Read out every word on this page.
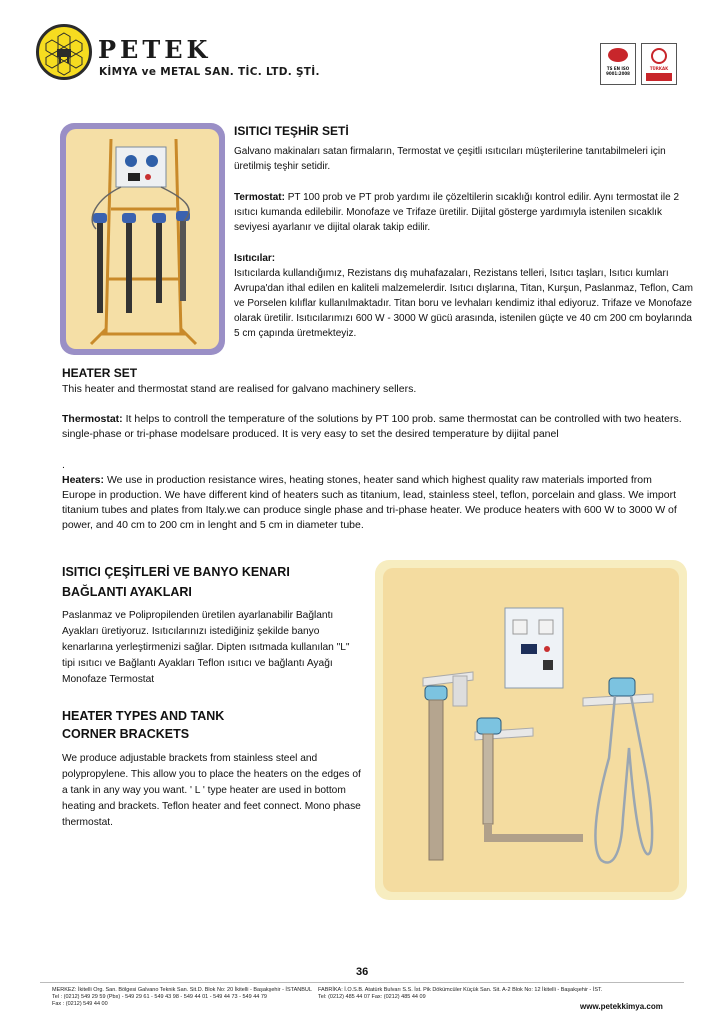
PETEK
KİMYA ve METAL SAN. TİC. LTD. ŞTİ.	TS EN ISO 9001:2008
TÜRKAK
ISITICI TEŞHİR SETİ
Galvano makinaları satan firmaların, Termostat ve çeşitli ısıtıcıları müşterilerine tanıtabilmeleri için üretilmiş teşhir setidir.
Termostat: PT 100 prob ve PT prob yardımı ile çözeltilerin sıcaklığı kontrol edilir. Aynı termostat ile 2 ısıtıcı kumanda edilebilir. Monofaze ve Trifaze üretilir. Dijital gösterge yardımıyla istenilen sıcaklık seviyesi ayarlanır ve dijital olarak takip edilir.
Isıtıcılar:
Isıtıcılarda kullandığımız, Rezistans dış muhafazaları, Rezistans telleri, Isıtıcı taşları, Isıtıcı kumları Avrupa'dan ithal edilen en kaliteli malzemelerdir. Isıtıcı dışlarına, Titan, Kurşun, Paslanmaz, Teflon, Cam ve Porselen kılıflar kullanılmaktadır. Titan boru ve levhaları kendimiz ithal ediyoruz. Trifaze ve Monofaze olarak üretilir. Isıtıcılarımızı 600 W - 3000 W gücü arasında, istenilen güçte ve 40 cm 200 cm boylarında 5 cm çapında üretmekteyiz.
HEATER SET
This heater and thermostat stand are realised for galvano machinery sellers.
Thermostat: It helps to controll the temperature of the solutions by PT 100 prob. same thermostat can be controlled with two heaters. single-phase or tri-phase modelsare produced. It is very easy to set the desired temperature by dijital panel
.
Heaters: We use in production resistance wires, heating stones, heater sand which highest quality raw materials imported from Europe in production. We have different kind of heaters such as titanium, lead, stainless steel, teflon, porcelain and glass. We import titanium tubes and plates from Italy.we can produce single phase and tri-phase heater. We produce heaters with 600 W to 3000 W of power, and 40 cm to 200 cm in lenght and 5 cm in diameter tube.
ISITICI ÇEŞİTLERİ VE BANYO KENARI
BAĞLANTI AYAKLARI
Paslanmaz ve Polipropilenden üretilen ayarlanabilir Bağlantı Ayakları üretiyoruz. Isıtıcılarınızı istediğiniz şekilde banyo kenarlarına yerleştirmenizi sağlar. Dipten ısıtmada kullanılan "L" tipi ısıtıcı ve Bağlantı Ayakları Teflon ısıtıcı ve bağlantı Ayağı Monofaze Termostat
HEATER TYPES AND TANK
CORNER BRACKETS
We produce adjustable brackets from stainless steel and polypropylene. This allow you to place the heaters on the edges of a tank in any way you want. ' L ' type heater are used in bottom heating and brackets. Teflon heater and feet connect. Mono phase thermostat.
36
MERKEZ: İkitelli Org. San. Bölgesi Galvano Teknik San. Sit.D. Blok No: 20 İkitelli - Başakşehir - İSTANBUL
Tel : (0212) 549 29 59 (Pbx) - 549 29 61 - 549 43 98 - 549 44 01 - 549 44 73 - 549 44 79
Fax : (0212) 549 44 00
FABRİKA: İ.O.S.B. Atatürk Bulvarı S.S. İst. Pik Dökümcüler Küçük San. Sit. A-2 Blok No: 12 İkitelli - Başakşehir - İST.
Tel: (0212) 485 44 07 Fax: (0212) 485 44 09
www.petekkimya.com
